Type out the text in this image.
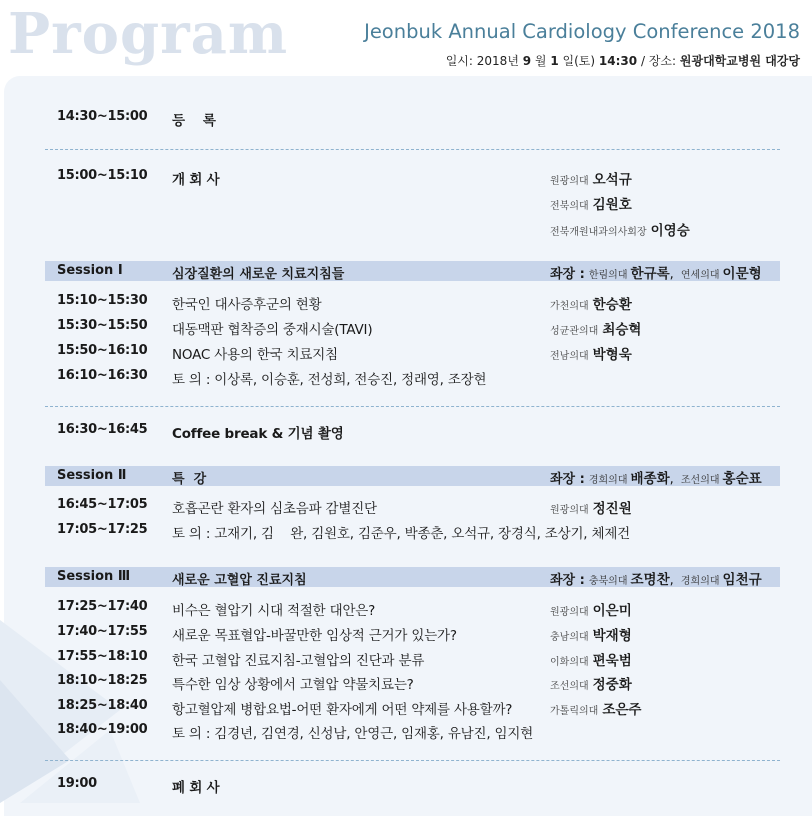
Program	Jeonbuk Annual Cardiology Conference 2018
일시: 2018년 9 월 1 일(토) 14:30 / 장소: 원광대학교병원 대강당
14:30~15:00 등    록
15:00~15:10 개 회 사	원광의대 오석규
전북의대 김원호
전북개원내과의사회장 이영승
Session Ⅰ	심장질환의 새로운 치료지침들	좌장 : 한림의대 한규록, 연세의대 이문형
15:10~15:30 한국인 대사증후군의 현황	가천의대 한승환
15:30~15:50 대동맥판 협착증의 중재시술(TAVI)	성균관의대 최승혁
15:50~16:10 NOAC 사용의 한국 치료지침	전남의대 박형욱
16:10~16:30 토 의 : 이상록, 이승훈, 전성희, 전승진, 정래영, 조장현
16:30~16:45 Coffee break & 기념 촬영
Session Ⅱ	특  강	좌장 : 경희의대 배종화, 조선의대 홍순표
16:45~17:05 호흡곤란 환자의 심초음파 감별진단	원광의대 정진원
17:05~17:25 토 의 : 고재기, 김    완, 김원호, 김준우, 박종춘, 오석규, 장경식, 조상기, 체제건
Session Ⅲ	새로운 고혈압 진료지침	좌장 : 충북의대 조명찬, 경희의대 임천규
17:25~17:40 비수은 혈압기 시대 적절한 대안은?	원광의대 이은미
17:40~17:55 새로운 목표혈압-바꿀만한 임상적 근거가 있는가?	충남의대 박재형
17:55~18:10 한국 고혈압 진료지침-고혈압의 진단과 분류	이화의대 편욱범
18:10~18:25 특수한 임상 상황에서 고혈압 약물치료는?	조선의대 정중화
18:25~18:40 항고혈압제 병합요법-어떤 환자에게 어떤 약제를 사용할까?	가톨릭의대 조은주
18:40~19:00 토 의 : 김경년, 김연경, 신성남, 안영근, 임재홍, 유남진, 임지현
19:00	폐 회 사
